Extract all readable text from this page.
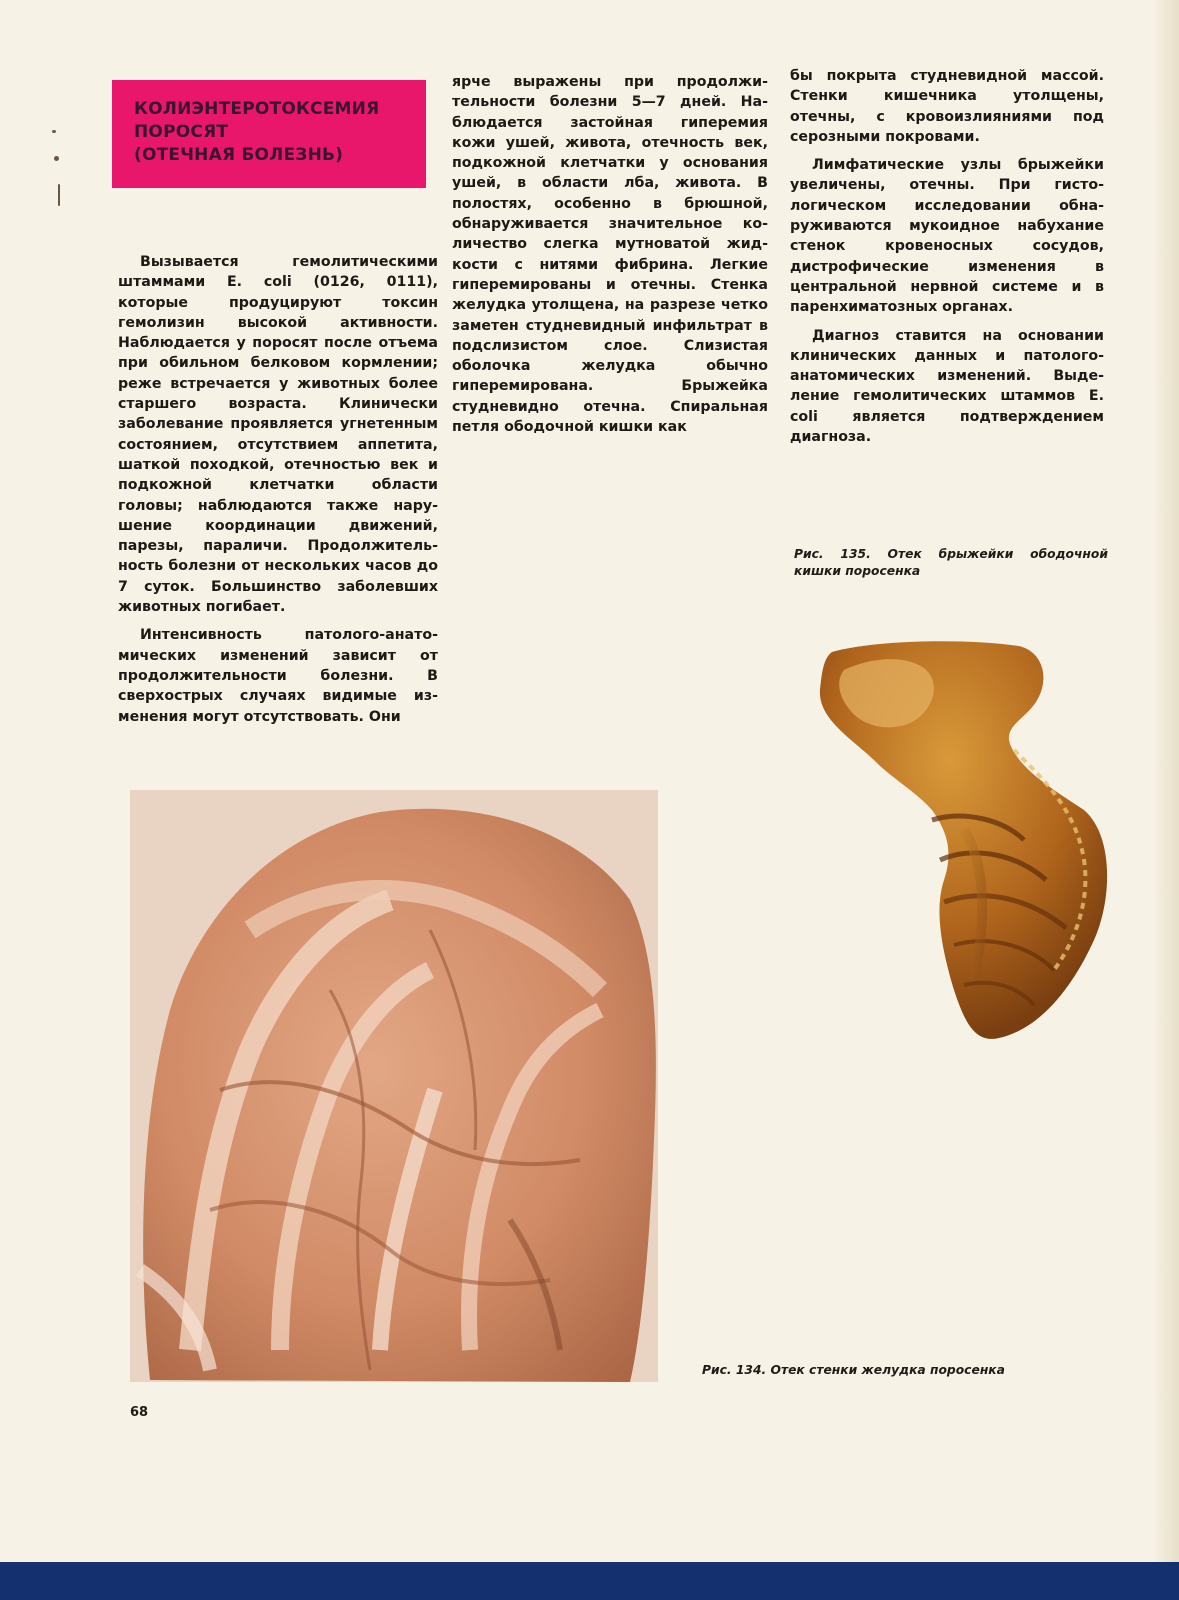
КОЛИЭНТЕРОТОКСЕМИЯ
ПОРОСЯТ
(ОТЕЧНАЯ БОЛЕЗНЬ)

Вызывается гемолитическими штаммами E. coli (0126, 0111), которые продуцируют токсин гемолизин высокой активности. Наблюдается у поросят после отъема при обильном белковом кормлении; реже встречается у животных более старшего возраста. Клинически заболевание проявляется угнетенным состоянием, отсутствием аппетита, шаткой походкой, отечностью век и подкожной клетчатки области головы; наблюдаются также нарушение координации движений, парезы, параличи. Продолжительность болезни от нескольких часов до 7 суток. Большинство заболевших животных погибает.

Интенсивность патолого-анатомических изменений зависит от продолжительности болезни. В сверхострых случаях видимые изменения могут отсутствовать. Они

ярче выражены при продолжительности болезни 5—7 дней. Наблюдается застойная гиперемия кожи ушей, живота, отечность век, подкожной клетчатки у основания ушей, в области лба, живота. В полостях, особенно в брюшной, обнаруживается значительное количество слегка мутноватой жидкости с нитями фибрина. Легкие гиперемированы и отечны. Стенка желудка утолщена, на разрезе четко заметен студневидный инфильтрат в подслизистом слое. Слизистая оболочка желудка обычно гиперемирована. Брыжейка студневидно отечна. Спиральная петля ободочной кишки как

бы покрыта студневидной массой. Стенки кишечника утолщены, отечны, с кровоизлияниями под серозными покровами.

Лимфатические узлы брыжейки увеличены, отечны. При гистологическом исследовании обнаруживаются мукоидное набухание стенок кровеносных сосудов, дистрофические изменения в центральной нервной системе и в паренхиматозных органах.

Диагноз ставится на основании клинических данных и патологоанатомических изменений. Выделение гемолитических штаммов E. coli является подтверждением диагноза.

Рис. 135. Отек брыжейки ободочной кишки поросенка
Рис. 134. Отек стенки желудка поросенка
68
